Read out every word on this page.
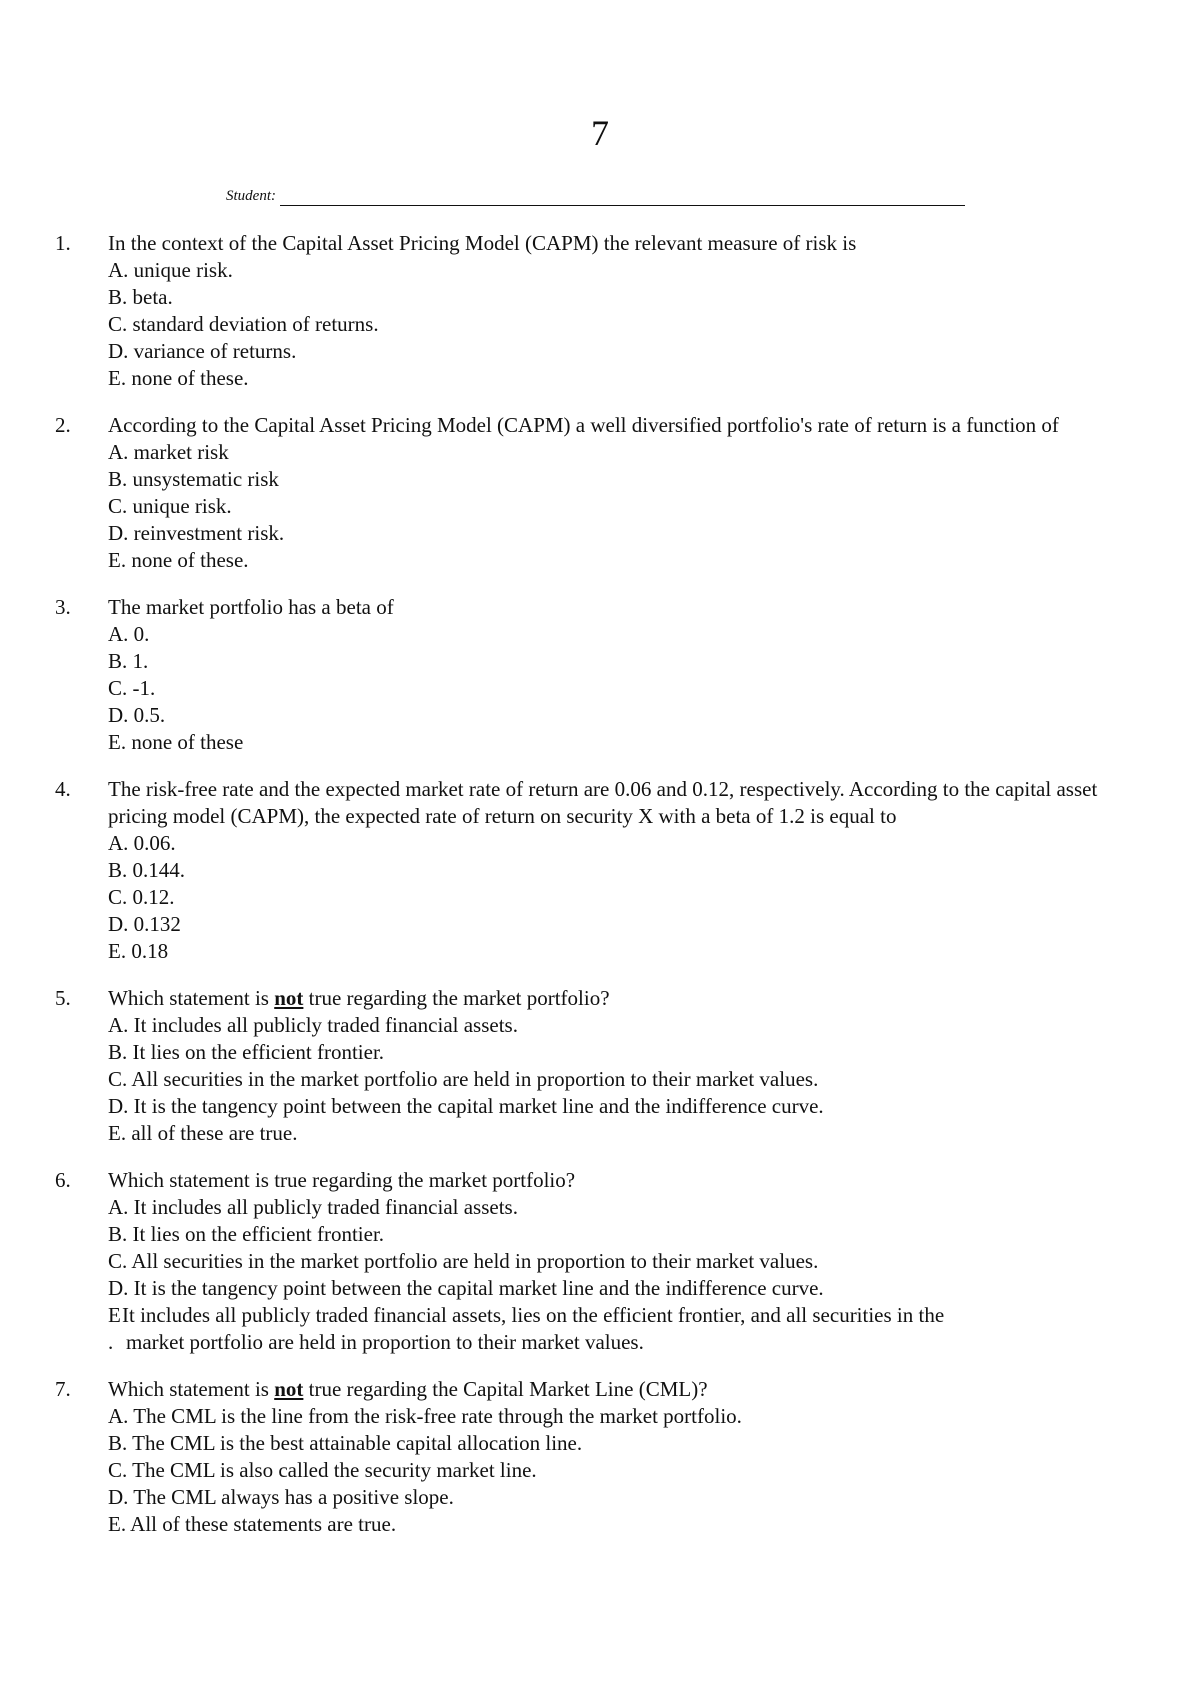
7
Student:
1.	In the context of the Capital Asset Pricing Model (CAPM) the relevant measure of risk is
A. unique risk.
B. beta.
C. standard deviation of returns.
D. variance of returns.
E. none of these.
2.	According to the Capital Asset Pricing Model (CAPM) a well diversified portfolio's rate of return is a function of
A. market risk
B. unsystematic risk
C. unique risk.
D. reinvestment risk.
E. none of these.
3.	The market portfolio has a beta of
A. 0.
B. 1.
C. -1.
D. 0.5.
E. none of these
4.	The risk-free rate and the expected market rate of return are 0.06 and 0.12, respectively. According to the capital asset pricing model (CAPM), the expected rate of return on security X with a beta of 1.2 is equal to
A. 0.06.
B. 0.144.
C. 0.12.
D. 0.132
E. 0.18
5.	Which statement is not true regarding the market portfolio?
A. It includes all publicly traded financial assets.
B. It lies on the efficient frontier.
C. All securities in the market portfolio are held in proportion to their market values.
D. It is the tangency point between the capital market line and the indifference curve.
E. all of these are true.
6.	Which statement is true regarding the market portfolio?
A. It includes all publicly traded financial assets.
B. It lies on the efficient frontier.
C. All securities in the market portfolio are held in proportion to their market values.
D. It is the tangency point between the capital market line and the indifference curve.
E
.
It includes all publicly traded financial assets, lies on the efficient frontier, and all securities in the
market portfolio are held in proportion to their market values.
7.	Which statement is not true regarding the Capital Market Line (CML)?
A. The CML is the line from the risk-free rate through the market portfolio.
B. The CML is the best attainable capital allocation line.
C. The CML is also called the security market line.
D. The CML always has a positive slope.
E. All of these statements are true.
